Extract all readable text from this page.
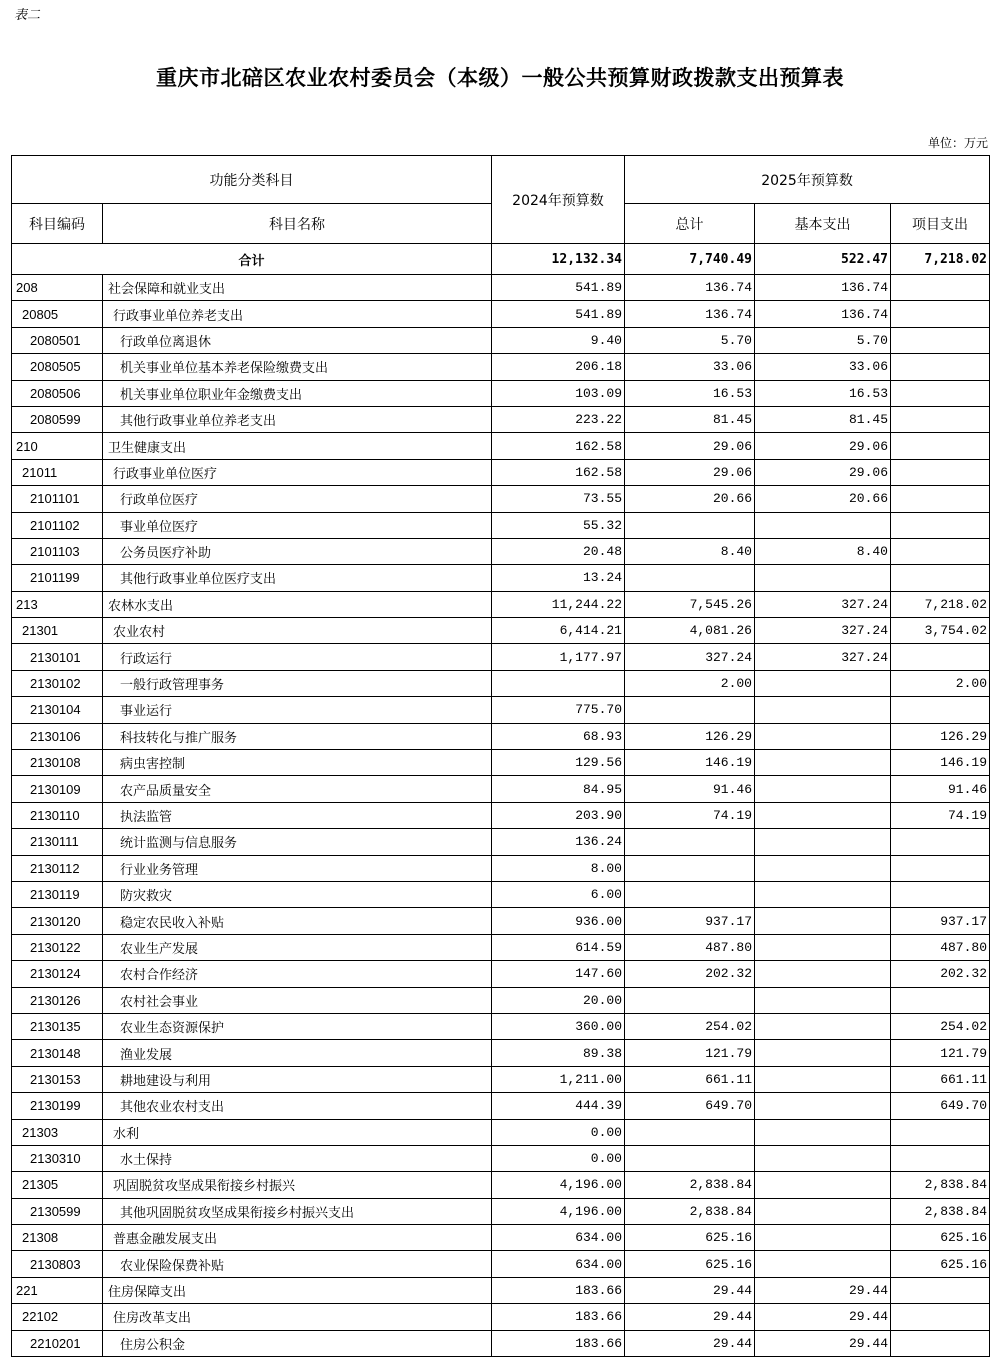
表二
重庆市北碚区农业农村委员会（本级）一般公共预算财政拨款支出预算表
单位：万元
功能分类科目		2024年预算数	2025年预算数		
科目编码	科目名称		总计	基本支出	项目支出
合计		12,132.34	7,740.49	522.47	7,218.02
208	社会保障和就业支出	541.89	136.74	136.74	
20805	行政事业单位养老支出	541.89	136.74	136.74	
2080501	行政单位离退休	9.40	5.70	5.70	
2080505	机关事业单位基本养老保险缴费支出	206.18	33.06	33.06	
2080506	机关事业单位职业年金缴费支出	103.09	16.53	16.53	
2080599	其他行政事业单位养老支出	223.22	81.45	81.45	
210	卫生健康支出	162.58	29.06	29.06	
21011	行政事业单位医疗	162.58	29.06	29.06	
2101101	行政单位医疗	73.55	20.66	20.66	
2101102	事业单位医疗	55.32			
2101103	公务员医疗补助	20.48	8.40	8.40	
2101199	其他行政事业单位医疗支出	13.24			
213	农林水支出	11,244.22	7,545.26	327.24	7,218.02
21301	农业农村	6,414.21	4,081.26	327.24	3,754.02
2130101	行政运行	1,177.97	327.24	327.24	
2130102	一般行政管理事务		2.00		2.00
2130104	事业运行	775.70			
2130106	科技转化与推广服务	68.93	126.29		126.29
2130108	病虫害控制	129.56	146.19		146.19
2130109	农产品质量安全	84.95	91.46		91.46
2130110	执法监管	203.90	74.19		74.19
2130111	统计监测与信息服务	136.24			
2130112	行业业务管理	8.00			
2130119	防灾救灾	6.00			
2130120	稳定农民收入补贴	936.00	937.17		937.17
2130122	农业生产发展	614.59	487.80		487.80
2130124	农村合作经济	147.60	202.32		202.32
2130126	农村社会事业	20.00			
2130135	农业生态资源保护	360.00	254.02		254.02
2130148	渔业发展	89.38	121.79		121.79
2130153	耕地建设与利用	1,211.00	661.11		661.11
2130199	其他农业农村支出	444.39	649.70		649.70
21303	水利	0.00			
2130310	水土保持	0.00			
21305	巩固脱贫攻坚成果衔接乡村振兴	4,196.00	2,838.84		2,838.84
2130599	其他巩固脱贫攻坚成果衔接乡村振兴支出	4,196.00	2,838.84		2,838.84
21308	普惠金融发展支出	634.00	625.16		625.16
2130803	农业保险保费补贴	634.00	625.16		625.16
221	住房保障支出	183.66	29.44	29.44	
22102	住房改革支出	183.66	29.44	29.44	
2210201	住房公积金	183.66	29.44	29.44	
